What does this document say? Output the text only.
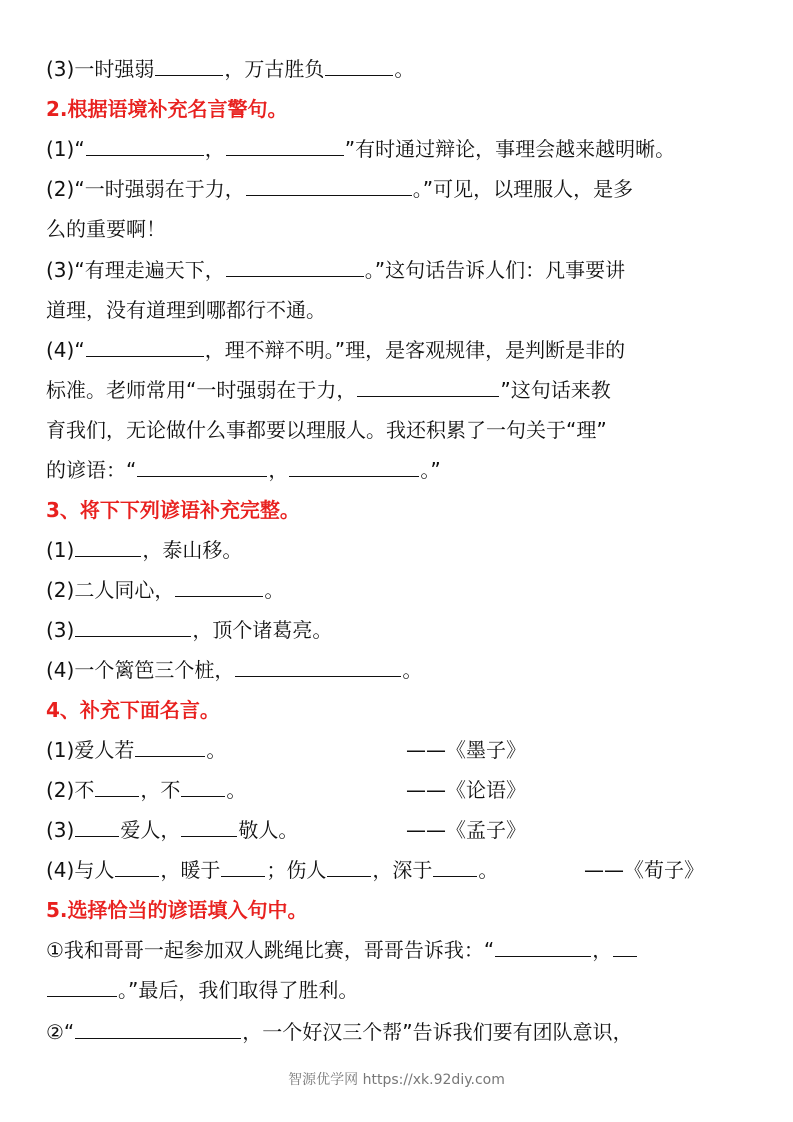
(3)一时强弱	，万古胜负	。
2.根据语境补充名言警句。
(1)“	，	”有时通过辩论，事理会越来越明晰。
(2)“一时强弱在于力，	。”可见，以理服人，是多
么的重要啊！
(3)“有理走遍天下，	。”这句话告诉人们：凡事要讲
道理，没有道理到哪都行不通。
(4)“	，理不辩不明。”理，是客观规律，是判断是非的
标准。老师常用“一时强弱在于力，	”这句话来教
育我们，无论做什么事都要以理服人。我还积累了一句关于“理”
的谚语：“	，	。”
3、将下下列谚语补充完整。
(1)	，泰山移。
(2)二人同心，	。
(3)	，顶个诸葛亮。
(4)一个篱笆三个桩，	。
4、补充下面名言。
(1)爱人若	。	——《墨子》
(2)不 ，不 。	——《论语》
(3) 爱人，	敬人。	——《孟子》
(4)与人 ，暖于 ；伤人 ，深于 。	——《荀子》
5.选择恰当的谚语填入句中。
①我和哥哥一起参加双人跳绳比赛，哥哥告诉我：“	，
。”最后，我们取得了胜利。
②“	，一个好汉三个帮”告诉我们要有团队意识，
智源优学网 https://xk.92diy.com
